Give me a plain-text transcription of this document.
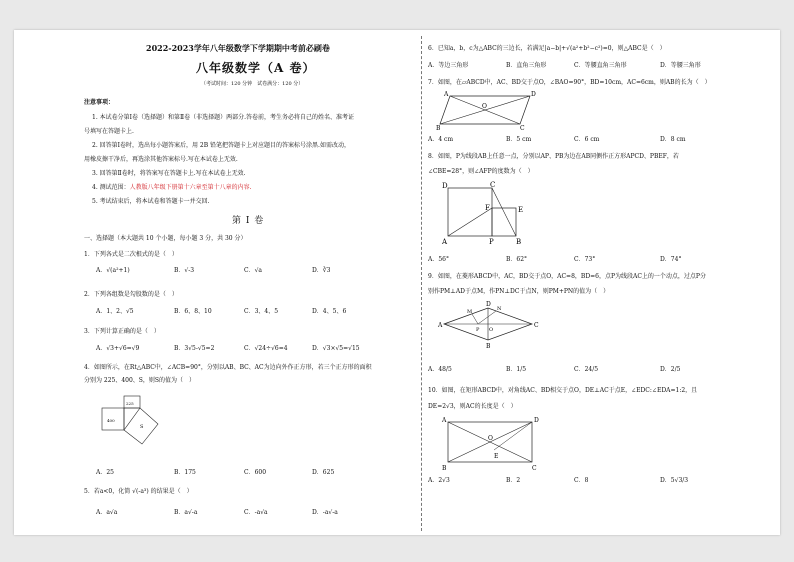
2022-2023学年八年级数学下学期期中考前必刷卷
八年级数学（A 卷）
（考试时间：120 分钟　试卷满分：120 分）
注意事项：
1. 本试卷分第Ⅰ卷（选择题）和第Ⅱ卷（非选择题）两部分.答卷前，考生务必将自己的姓名、准考证
号填写在答题卡上.
2. 回答第Ⅰ卷时，选出每小题答案后，用 2B 铅笔把答题卡上对应题目的答案标号涂黑.如需改动，
用橡皮擦干净后，再选涂其他答案标号.写在本试卷上无效.
3. 回答第Ⅱ卷时，将答案写在答题卡上.写在本试卷上无效.
4. 测试范围：人教版八年级下册第十六章至第十八章的内容.
5. 考试结束后，将本试卷和答题卡一并交回.
第 Ⅰ 卷
一、选择题（本大题共 10 个小题，每小题 3 分，共 30 分）
1．下列各式是二次根式的是（　）
A．√(a²+1)	B．√-3	C．√a	D．∛3
2．下列各组数是勾股数的是（　）
A．1、2、√5	B．6、8、10	C．3、4、5	D．4、5、6
3．下列计算正确的是（　）
A．√3+√6=√9	B．3√5-√5=2	C．√24÷√6=4	D．√3×√5=√15
4．如图所示，在Rt△ABC中，∠ACB=90°，分别以AB、BC、AC为边向外作正方形，若三个正方形的面积
分别为 225、400、S，则S的值为（　）
225
400
S
A．25	B．175	C．600	D．625
5．若a<0，化简 √(-a³) 的结果是（　）
A．a√a	B．a√-a	C．-a√a	D．-a√-a
6．已知a，b，c为△ABC的三边长，若满足|a−b|+√(a²+b²−c²)=0，则△ABC是（　）
A．等边三角形	B．直角三角形	C．等腰直角三角形	D．等腰三角形
7．如图，在▱ABCD中，AC、BD交于点O，∠BAO=90°，BD=10cm，AC=6cm，则AB的长为（　）
A	D
O
B	C
A．4 cm	B．5 cm	C．6 cm	D．8 cm
8．如图，P为线段AB上任意一点，分别以AP、PB为边在AB同侧作正方形APCD、PBEF，若
∠CBE=28°，则∠AFP的度数为（　）
D	C
F	E
A	P	B
A．56°	B．62°	C．73°	D．74°
9．如图，在菱形ABCD中，AC，BD交于点O，AC=8，BD=6，点P为线段AC上的一个动点，过点P分
别作PM⊥AD于点M，作PN⊥DC于点N，则PM+PN的值为（　）
A
B
C
D
M	N
O
P
A．48/5	B．1/5	C．24/5	D．2/5
10．如图，在矩形ABCD中，对角线AC、BD相交于点O，DE⊥AC于点E，∠EDC:∠EDA=1:2，且
DE=2√3，则AC的长度是（　）
A	D
O
E
B	C
A．2√3	B．2	C．8	D．5√3/3
